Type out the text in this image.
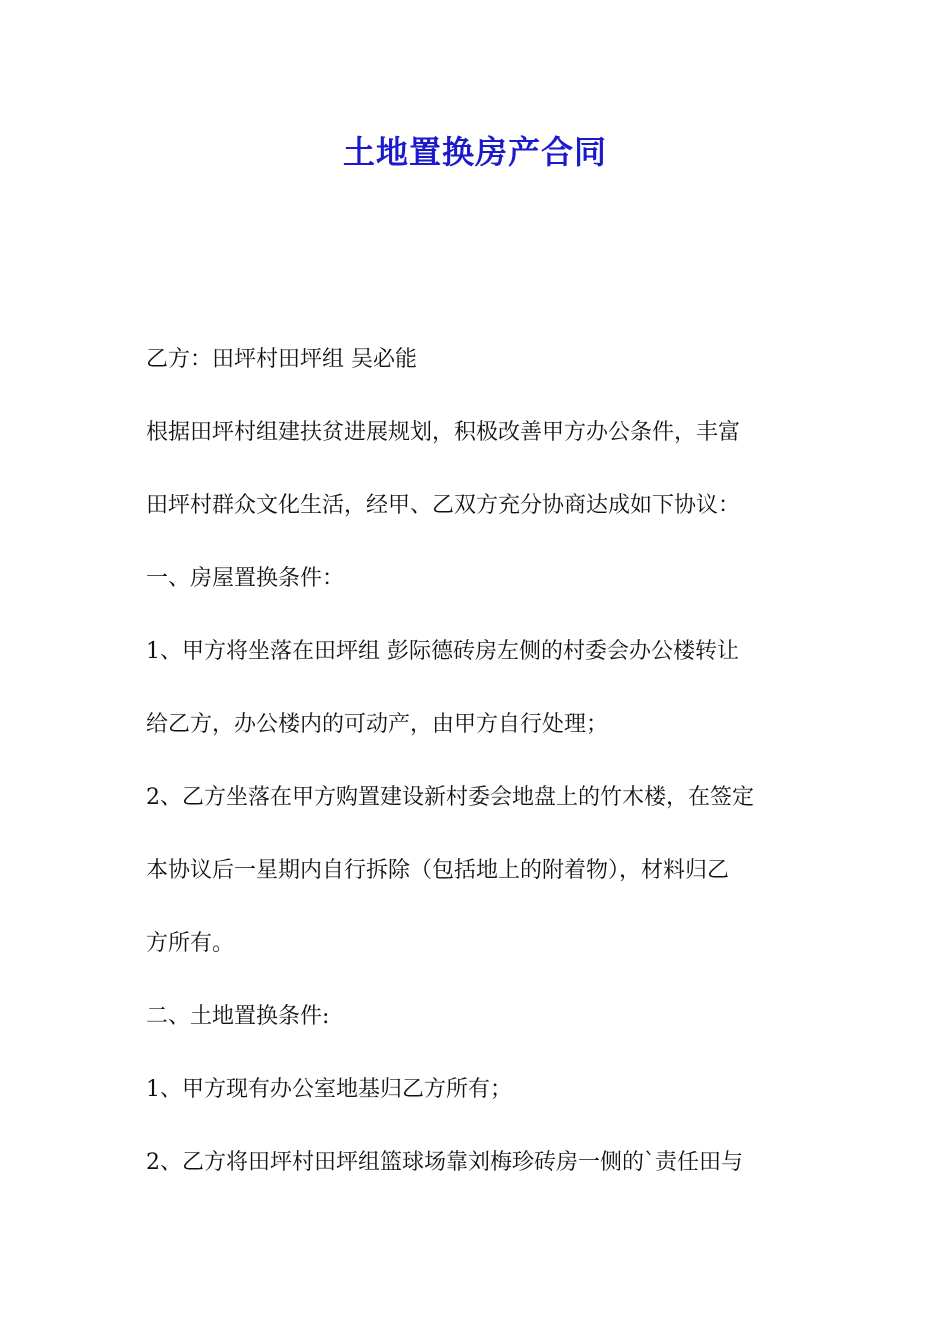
土地置换房产合同

乙方：田坪村田坪组 吴必能

根据田坪村组建扶贫进展规划，积极改善甲方办公条件，丰富

田坪村群众文化生活，经甲、乙双方充分协商达成如下协议：

一、房屋置换条件：

1、甲方将坐落在田坪组 彭际德砖房左侧的村委会办公楼转让

给乙方，办公楼内的可动产，由甲方自行处理；

2、乙方坐落在甲方购置建设新村委会地盘上的竹木楼，在签定

本协议后一星期内自行拆除（包括地上的附着物），材料归乙

方所有。

二、土地置换条件:

1、甲方现有办公室地基归乙方所有；

2、乙方将田坪村田坪组篮球场靠刘梅珍砖房一侧的`责任田与
